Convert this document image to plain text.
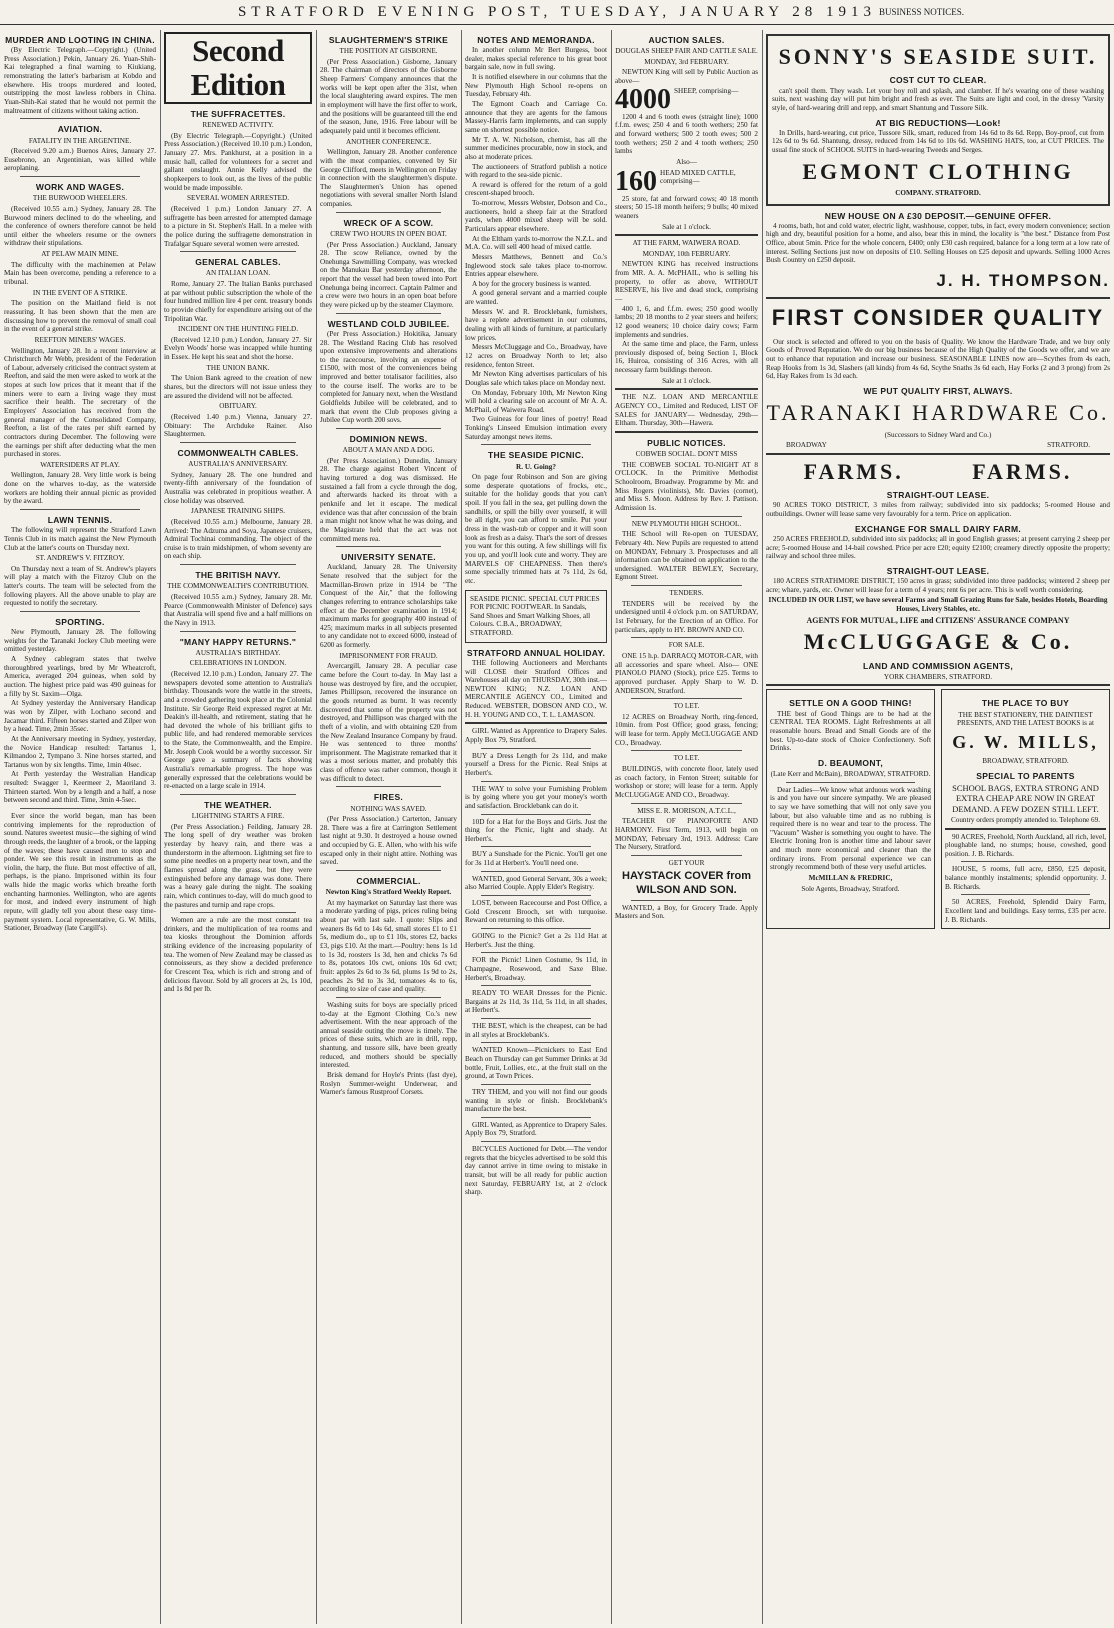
STRATFORD EVENING POST, TUESDAY, JANUARY 28 1913 BUSINESS NOTICES.
MURDER AND LOOTING IN CHINA.

(By Electric Telegraph.—Copyright.) (United Press Association.) Pekin, January 26. Yuan-Shih-Kai telegraphed a final warning to Kiukiang, remonstrating the latter's barbarism at Kobdo and elsewhere. His troops murdered and looted, outstripping the most lawless robbers in China. Yuan-Shih-Kai stated that he would not permit the maltreatment of citizens without taking action.

AVIATION.
FATALITY IN THE ARGENTINE.

(Received 9.20 a.m.) Buenos Aires, January 27. Eusebrono, an Argentinian, was killed while aeroplaning.

WORK AND WAGES.
THE BURWOOD WHEELERS.

(Received 10.55 a.m.) Sydney, January 28. The Burwood miners declined to do the wheeling, and the conference of owners therefore cannot be held until either the wheelers resume or the owners withdraw their stipulations.

AT PELAW MAIN MINE.

The difficulty with the machinemen at Pelaw Main has been overcome, pending a reference to a tribunal.

IN THE EVENT OF A STRIKE.

The position on the Maitland field is not reassuring. It has been shown that the men are discussing how to prevent the removal of small coal in the event of a general strike.

REEFTON MINERS' WAGES.

Wellington, January 28. In a recent interview at Christchurch Mr Webb, president of the Federation of Labour, adversely criticised the contract system at Reefton, and said the men were asked to work at the stopes at such low prices that it meant that if the miners were to earn a living wage they must sacrifice their health. The secretary of the Employers' Association has received from the general manager of the Consolidated Company, Reefton, a list of the rates per shift earned by contractors during December. The following were the earnings per shift after deducting what the men purchased in stores.

WATERSIDERS AT PLAY.

Wellington, January 28. Very little work is being done on the wharves to-day, as the waterside workers are holding their annual picnic as provided by the award.

LAWN TENNIS.

The following will represent the Stratford Lawn Tennis Club in its match against the New Plymouth Club at the latter's courts on Thursday next.

ST. ANDREW'S V. FITZROY.

On Thursday next a team of St. Andrew's players will play a match with the Fitzroy Club on the latter's courts. The team will be selected from the following players. All the above unable to play are requested to notify the secretary.

SPORTING.

New Plymouth, January 28. The following weights for the Taranaki Jockey Club meeting were omitted yesterday.

A Sydney cablegram states that twelve thoroughbred yearlings, bred by Mr Wheatcroft, America, averaged 204 guineas, when sold by auction. The highest price paid was 490 guineas for a filly by St. Saxim—Olga.

At Sydney yesterday the Anniversary Handicap was won by Zilper, with Lochano second and Jacamar third. Fifteen horses started and Zilper won by a head. Time, 2min 35sec.

At the Anniversary meeting in Sydney, yesterday, the Novice Handicap resulted: Tartanus 1, Kilmandoo 2, Tympano 3. Nine horses started, and Tartanus won by six lengths. Time, 1min 40sec.

At Perth yesterday the Westralian Handicap resulted: Swagger 1, Keermeer 2, Maoriland 3. Thirteen started. Won by a length and a half, a nose between second and third. Time, 3min 4-5sec.

Ever since the world began, man has been contriving implements for the reproduction of sound. Natures sweetest music—the sighing of wind through reeds, the laughter of a brook, or the lapping of the waves; these have caused men to stop and ponder. We see this result in instruments as the violin, the harp, the flute. But most effective of all, perhaps, is the piano. Imprisoned within its four walls hide the magic works which breathe forth enchanting harmonies. Wellington, who are agents for most, and indeed every instrument of high repute, will gladly tell you about these easy time-payment system. Local representative, G. W. Mills, Stationer, Broadway (late Cargill's).

Second Edition
THE SUFFRACETTES.
RENEWED ACTIVITY.

(By Electric Telegraph.—Copyright.) (United Press Association.) (Received 10.10 p.m.) London, January 27. Mrs. Pankhurst, at a position in a music hall, called for volunteers for a secret and gallant onslaught. Annie Kelly advised the shopkeepers to look out, as the lives of the public would be made impossible.

SEVERAL WOMEN ARRESTED.

(Received 1 p.m.) London January 27. A suffragette has been arrested for attempted damage to a picture in St. Stephen's Hall. In a melee with the police during the suffragette demonstration in Trafalgar Square several women were arrested.

GENERAL CABLES.
AN ITALIAN LOAN.

Rome, January 27. The Italian Banks purchased at par without public subscription the whole of the four hundred million lire 4 per cent. treasury bonds to provide chiefly for expenditure arising out of the Tripolitan War.

INCIDENT ON THE HUNTING FIELD.

(Received 12.10 p.m.) London, January 27. Sir Evelyn Woods' horse was incapped while hunting in Essex. He kept his seat and shot the horse.

THE UNION BANK.

The Union Bank agreed to the creation of new shares, but the directors will not issue unless they are assured the dividend will not be affected.

OBITUARY.

(Received 1.40 p.m.) Vienna, January 27. Obituary: The Archduke Rainer. Also Slaughtermen.

COMMONWEALTH CABLES.
AUSTRALIA'S ANNIVERSARY.

Sydney, January 28. The one hundred and twenty-fifth anniversary of the foundation of Australia was celebrated in propitious weather. A close holiday was observed.

JAPANESE TRAINING SHIPS.

(Received 10.55 a.m.) Melbourne, January 28. Arrived: The Adzuma and Soya, Japanese cruisers, Admiral Tochinai commanding. The object of the cruise is to train midshipmen, of whom seventy are on each ship.

THE BRITISH NAVY.
THE COMMONWEALTH'S CONTRIBUTION.

(Received 10.55 a.m.) Sydney, January 28. Mr. Pearce (Commonwealth Minister of Defence) says that Australia will spend five and a half millions on the Navy in 1913.

"MANY HAPPY RETURNS."
AUSTRALIA'S BIRTHDAY.
CELEBRATIONS IN LONDON.

(Received 12.10 p.m.) London, January 27. The newspapers devoted some attention to Australia's birthday. Thousands wore the wattle in the streets, and a crowded gathering took place at the Colonial Institute. Sir George Reid expressed regret at Mr. Deakin's ill-health, and retirement, stating that he had devoted the whole of his brilliant gifts to public life, and had rendered memorable services to the State, the Commonwealth, and the Empire. Mr. Joseph Cook would be a worthy successor. Sir George gave a summary of facts showing Australia's remarkable progress. The hope was generally expressed that the celebrations would be re-enacted on a large scale in 1914.

THE WEATHER.
LIGHTNING STARTS A FIRE.

(Per Press Association.) Feilding, January 28. The long spell of dry weather was broken yesterday by heavy rain, and there was a thunderstorm in the afternoon. Lightning set fire to some pine needles on a property near town, and the flames spread along the grass, but they were extinguished before any damage was done. There was a heavy gale during the night. The soaking rain, which continues to-day, will do much good to the pastures and turnip and rape crops.

Women are a rule are the most constant tea drinkers, and the multiplication of tea rooms and tea kiosks throughout the Dominion affords striking evidence of the increasing popularity of tea. The women of New Zealand may be classed as connoisseurs, as they show a decided preference for Crescent Tea, which is rich and strong and of delicious flavour. Sold by all grocers at 2s, 1s 10d, and 1s 8d per lb.

SLAUGHTERMEN'S STRIKE
THE POSITION AT GISBORNE.

(Per Press Association.) Gisborne, January 28. The chairman of directors of the Gisborne Sheep Farmers' Company announces that the works will be kept open after the 31st, when the local slaughtering award expires. The men in employment will have the first offer to work, and the positions will be guaranteed till the end of the season, June, 1916. Free labour will be adequately paid until it becomes efficient.

ANOTHER CONFERENCE.

Wellington, January 28. Another conference with the meat companies, convened by Sir George Clifford, meets in Wellington on Friday in connection with the slaughtermen's dispute. The Slaughtermen's Union has opened negotiations with several smaller North Island companies.

WRECK OF A SCOW.
CREW TWO HOURS IN OPEN BOAT.

(Per Press Association.) Auckland, January 28. The scow Reliance, owned by the Onehunga Sawmilling Company, was wrecked on the Manukau Bar yesterday afternoon, the report that the vessel had been towed into Port Onehunga being incorrect. Captain Palmer and a crew were two hours in an open boat before they were picked up by the steamer Claymore.

WESTLAND COLD JUBILEE.

(Per Press Association.) Hokitika, January 28. The Westland Racing Club has resolved upon extensive improvements and alterations to the racecourse, involving an expense of £1500, with most of the conveniences being improved and better totalisator facilities, also to the course itself. The works are to be completed for January next, when the Westland Goldfields Jubilee will be celebrated, and to mark that event the Club proposes giving a Jubilee Cup worth 200 sovs.

DOMINION NEWS.
ABOUT A MAN AND A DOG.

(Per Press Association.) Dunedin, January 28. The charge against Robert Vincent of having tortured a dog was dismissed. He sustained a fall from a cycle through the dog, and afterwards hacked its throat with a penknife and let it escape. The medical evidence was that after concussion of the brain a man might not know what he was doing, and the Magistrate held that the act was not committed mens rea.

UNIVERSITY SENATE.

Auckland, January 28. The University Senate resolved that the subject for the Macmillan-Brown prize in 1914 be "The Conquest of the Air," that the following changes referring to entrance scholarships take effect at the December examination in 1914; maximum marks for geography 400 instead of 425; maximum marks in all subjects presented to any candidate not to exceed 6000, instead of 6200 as formerly.

IMPRISONMENT FOR FRAUD.

Avercargill, January 28. A peculiar case came before the Court to-day. In May last a house was destroyed by fire, and the occupier, James Phillipson, recovered the insurance on the goods returned as burnt. It was recently discovered that some of the property was not destroyed, and Phillipson was charged with the theft of a violin, and with obtaining £20 from the New Zealand Insurance Company by fraud. He was sentenced to three months' imprisonment. The Magistrate remarked that it was a most serious matter, and probably this class of offence was rather common, though it was difficult to detect.

FIRES.
NOTHING WAS SAVED.

(Per Press Association.) Carterton, January 28. There was a fire at Carrington Settlement last night at 9.30. It destroyed a house owned and occupied by G. E. Allen, who with his wife escaped only in their night attire. Nothing was saved.

COMMERCIAL.
Newton King's Stratford Weekly Report.

At my haymarket on Saturday last there was a moderate yarding of pigs, prices ruling being about par with last sale. I quote: Slips and weaners 8s 6d to 14s 6d, small stores £1 to £1 5s, medium do., up to £1 10s, stores £2, backs £3, pigs £10. At the mart.—Poultry: hens 1s 1d to 1s 3d, roosters 1s 3d, hen and chicks 7s 6d to 8s, potatoes 10s cwt, onions 10s 6d cwt; fruit: apples 2s 6d to 3s 6d, plums 1s 9d to 2s, peaches 2s 9d to 3s 3d, tomatoes 4s to 6s, according to size of case and quality.

Washing suits for boys are specially priced to-day at the Egmont Clothing Co.'s new advertisement. With the near approach of the annual seaside outing the move is timely. The prices of these suits, which are in drill, repp, shantung, and tussore silk, have been greatly reduced, and mothers should be specially interested.

Brisk demand for Hoyle's Prints (fast dye), Roslyn Summer-weight Underwear, and Warner's famous Rustproof Corsets.

NOTES AND MEMORANDA.

In another column Mr Bert Burgess, boot dealer, makes special reference to his great boot bargain sale, now in full swing.

It is notified elsewhere in our columns that the New Plymouth High School re-opens on Tuesday, February 4th.

The Egmont Coach and Carriage Co. announce that they are agents for the famous Massey-Harris farm implements, and can supply same on shortest possible notice.

Mr T. A. W. Nicholson, chemist, has all the summer medicines procurable, now in stock, and also at moderate prices.

The auctioneers of Stratford publish a notice with regard to the sea-side picnic.

A reward is offered for the return of a gold crescent-shaped brooch.

To-morrow, Messrs Webster, Dobson and Co., auctioneers, hold a sheep fair at the Stratford yards, when 4000 mixed sheep will be sold. Particulars appear elsewhere.

At the Eltham yards to-morrow the N.Z.L. and M.A. Co. will sell 400 head of mixed cattle.

Messrs Matthews, Bennett and Co.'s Inglewood stock sale takes place to-morrow. Entries appear elsewhere.

A boy for the grocery business is wanted.

A good general servant and a married couple are wanted.

Messrs W. and R. Brocklebank, furnishers, have a replete advertisement in our columns, dealing with all kinds of furniture, at particularly low prices.

Messrs McCluggage and Co., Broadway, have 12 acres on Broadway North to let; also residence, fenton Street.

Mr Newton King advertises particulars of his Douglas sale which takes place on Monday next.

On Monday, February 10th, Mr Newton King will hold a clearing sale on account of Mr A. A. McPhail, of Waiwera Road.

Two Guineas for four lines of poetry! Read Tonking's Linseed Emulsion intimation every Saturday amongst news items.

THE SEASIDE PICNIC.
R. U. Going?

On page four Robinson and Son are giving some desperate quotations of frocks, etc., suitable for the holiday goods that you can't spoil. If you fall in the sea, get pulling down the sandhills, or spill the billy over yourself, it will be all right, you can afford to smile. Put your dress in the wash-tub or copper and it will soon look as fresh as a daisy. That's the sort of dresses you want for this outing. A few shillings will fix you up, and you'll look cute and worry. They are MARVELS OF CHEAPNESS. Then there's some specially trimmed hats at 7s 11d, 2s 6d, etc.

SEASIDE PICNIC. SPECIAL CUT PRICES FOR PICNIC FOOTWEAR. In Sandals, Sand Shoes and Smart Walking Shoes, all Colours. C.B.A., BROADWAY, STRATFORD.
STRATFORD ANNUAL HOLIDAY.

THE following Auctioneers and Merchants will CLOSE their Stratford Offices and Warehouses all day on THURSDAY, 30th inst.— NEWTON KING; N.Z. LOAN AND MERCANTILE AGENCY CO., Limited and Reduced. WEBSTER, DOBSON AND CO., W. H. H. YOUNG AND CO., T. L. LAMASON.

GIRL Wanted as Apprentice to Drapery Sales. Apply Box 79, Stratford.

BUY a Dress Length for 2s 11d, and make yourself a Dress for the Picnic. Real Snips at Herbert's.

THE WAY to solve your Furnishing Problem is by going where you get your money's worth and satisfaction. Brocklebank can do it.

10D for a Hat for the Boys and Girls. Just the thing for the Picnic, light and shady. At Herbert's.

BUY a Sunshade for the Picnic. You'll get one for 3s 11d at Herbert's. You'll need one.

WANTED, good General Servant, 30s a week; also Married Couple. Apply Elder's Registry.

LOST, between Racecourse and Post Office, a Gold Crescent Brooch, set with turquoise. Reward on returning to this office.

GOING to the Picnic? Get a 2s 11d Hat at Herbert's. Just the thing.

FOR the Picnic! Linen Costume, 9s 11d, in Champagne, Rosewood, and Saxe Blue. Herbert's, Broadway.

READY TO WEAR Dresses for the Picnic. Bargains at 2s 11d, 3s 11d, 5s 11d, in all shades, at Herbert's.

THE BEST, which is the cheapest, can be had in all styles at Brocklebank's.

WANTED Known—Picnickers to East End Beach on Thursday can get Summer Drinks at 3d bottle, Fruit, Lollies, etc., at the fruit stall on the ground, at Town Prices.

TRY THEM, and you will not find our goods wanting in style or finish. Brocklebank's manufacture the best.

GIRL Wanted, as Apprentice to Drapery Sales. Apply Box 79, Stratford.

BICYCLES Auctioned for Debt.—The vendor regrets that the bicycles advertised to be sold this day cannot arrive in time owing to mistake in transit, but will be all ready for public auction next Saturday, FEBRUARY 1st, at 2 o'clock sharp.

AUCTION SALES.
DOUGLAS SHEEP FAIR AND CATTLE SALE.
MONDAY, 3rd FEBRUARY.

NEWTON King will sell by Public Auction as above—

4000 SHEEP, comprising—

1200 4 and 6 tooth ewes (straight line); 1000 f.f.m. ewes; 250 4 and 6 tooth wethers; 250 fat and forward wethers; 500 2 tooth ewes; 500 2 tooth wethers; 250 2 and 4 tooth wethers; 250 lambs

Also—
160 HEAD MIXED CATTLE, comprising—

25 store, fat and forward cows; 40 18 month steers; 50 15-18 month heifers; 9 bulls; 40 mixed weaners

Sale at 1 o'clock.
AT THE FARM, WAIWERA ROAD.
MONDAY, 10th FEBRUARY.

NEWTON KING has received instructions from MR. A. A. McPHAIL, who is selling his property, to offer as above, WITHOUT RESERVE, his live and dead stock, comprising—

400 1, 6, and f.f.m. ewes; 250 good woolly lambs; 20 18 months to 2 year steers and heifers; 12 good weaners; 10 choice dairy cows; Farm implements and sundries.

At the same time and place, the Farm, unless previously disposed of, being Section 1, Block 16, Huiroa, consisting of 316 Acres, with all necessary farm buildings thereon.

Sale at 1 o'clock.

THE N.Z. LOAN AND MERCANTILE AGENCY CO., Limited and Reduced, LIST OF SALES for JANUARY— Wednesday, 29th—Eltham. Thursday, 30th—Hawera.

PUBLIC NOTICES.
COBWEB SOCIAL. DON'T MISS

THE COBWEB SOCIAL TO-NIGHT AT 8 O'CLOCK. In the Primitive Methodist Schoolroom, Broadway. Programme by Mr. and Miss Rogers (violinists), Mr. Davies (cornet), and Miss S. Moon. Address by Rev. J. Pattison. Admission 1s.

NEW PLYMOUTH HIGH SCHOOL.

THE School will Re-open on TUESDAY, February 4th. New Pupils are requested to attend on MONDAY, February 3. Prospectuses and all information can be obtained on application to the undersigned. WALTER BEWLEY, Secretary, Egmont Street.

TENDERS.

TENDERS will be received by the undersigned until 4 o'clock p.m. on SATURDAY, 1st February, for the Erection of an Office. For particulars, apply to HY. BROWN AND CO.

FOR SALE.

ONE 15 h.p. DARRACQ MOTOR-CAR, with all accessories and spare wheel. Also— ONE PIANOLO PIANO (Stock), price £25. Terms to approved purchaser. Apply Sharp to W. D. ANDERSON, Stratford.

TO LET.

12 ACRES on Broadway North, ring-fenced, 10min. from Post Office; good grass, fencing; will lease for term. Apply McCLUGGAGE AND CO., Broadway.

TO LET.

BUILDINGS, with concrete floor, lately used as coach factory, in Fenton Street; suitable for workshop or store; will lease for a term. Apply McCLUGGAGE AND CO., Broadway.

MISS E. R. MORISON, A.T.C.L.,

TEACHER OF PIANOFORTE AND HARMONY. First Term, 1913, will begin on MONDAY, February 3rd, 1913. Address: Care The Nursery, Stratford.

GET YOUR
HAYSTACK COVER from WILSON AND SON.

WANTED, a Boy, for Grocery Trade. Apply Masters and Son.

SONNY'S SEASIDE SUIT.
COST CUT TO CLEAR.

can't spoil them. They wash. Let your boy roll and splash, and clamber. If he's wearing one of these washing suits, next washing day will put him bright and fresh as ever. The Suits are light and cool, in the dressy 'Varsity style, of hard-wearing drill and repp, and smart Shantung and Tussore Silk.

AT BIG REDUCTIONS—Look!

In Drills, hard-wearing, cut price, Tussore Silk, smart, reduced from 14s 6d to 8s 6d. Repp, Boy-proof, cut from 12s 6d to 9s 6d. Shantung, dressy, reduced from 14s 6d to 10s 6d. WASHING HATS, too, at CUT PRICES. The usual fine stock of SCHOOL SUITS in hard-wearing Tweeds and Serges.

EGMONT CLOTHING
COMPANY. STRATFORD.
NEW HOUSE ON A £30 DEPOSIT.—GENUINE OFFER.

4 rooms, bath, hot and cold water, electric light, washhouse, copper, tubs, in fact, every modern convenience; section high and dry, beautiful position for a home, and also, bear this in mind, the locality is "the best." Distance from Post Office, about 5min. Price for the whole concern, £400; only £30 cash required, balance for a long term at a low rate of interest. Selling Sections just now on deposits of £10. Selling Houses on £25 deposit and upwards. Selling 1000 Acres Bush Country on £250 deposit.

J. H. THOMPSON.
FIRST CONSIDER QUALITY

Our stock is selected and offered to you on the basis of Quality. We know the Hardware Trade, and we buy only Goods of Proved Reputation. We do our big business because of the High Quality of the Goods we offer, and we are out to enhance that reputation and increase our business. SEASONABLE LINES now are—Scythes from 4s each, Reap Hooks from 1s 3d, Slashers (all kinds) from 4s 6d, Scythe Snaths 3s 6d each, Hay Forks (2 and 3 prong) from 2s 6d, Hay Rakes from 1s 3d each.

WE PUT QUALITY FIRST, ALWAYS.
TARANAKI HARDWARE Co.
(Successors to Sidney Ward and Co.)
BROADWAY	STRATFORD.
FARMS. FARMS.
STRAIGHT-OUT LEASE.

90 ACRES TOKO DISTRICT, 3 miles from railway; subdivided into six paddocks; 5-roomed House and outbuildings. Owner will lease same very favourably for a term. Price on application.

EXCHANGE FOR SMALL DAIRY FARM.

250 ACRES FREEHOLD, subdivided into six paddocks; all in good English grasses; at present carrying 2 sheep per acre; 5-roomed House and 14-bail cowshed. Price per acre £20; equity £2100; creamery directly opposite the property; railway and school three miles.

STRAIGHT-OUT LEASE.

180 ACRES STRATHMORE DISTRICT, 150 acres in grass; subdivided into three paddocks; wintered 2 sheep per acre; whare, yards, etc. Owner will lease for a term of 4 years; rent 6s per acre. This is well worth considering.

INCLUDED IN OUR LIST, we have several Farms and Small Grazing Runs for Sale, besides Hotels, Boarding Houses, Livery Stables, etc.
AGENTS FOR MUTUAL, LIFE and CITIZENS' ASSURANCE COMPANY
McCLUGGAGE & Co.
LAND AND COMMISSION AGENTS,
YORK CHAMBERS, STRATFORD.
SETTLE ON A GOOD THING!

THE best of Good Things are to be had at the CENTRAL TEA ROOMS. Light Refreshments at all reasonable hours. Bread and Small Goods are of the best. Up-to-date stock of Choice Confectionery. Soft Drinks.

D. BEAUMONT,
(Late Kerr and McBain), BROADWAY, STRATFORD.

Dear Ladies—We know what arduous work washing is and you have our sincere sympathy. We are pleased to say we have something that will not only save you labour, but also valuable time and as no rubbing is required there is no wear and tear to the process. The "Vacuum" Washer is something you ought to have. The Electric Ironing Iron is another time and labour saver and much more economical and cleaner than the ordinary irons. From personal experience we can strongly recommend both of these very useful articles.

McMILLAN & FREDRIC,
Sole Agents, Broadway, Stratford.
THE PLACE TO BUY
THE BEST STATIONERY, THE DAINTIEST PRESENTS, AND THE LATEST BOOKS is at
G. W. MILLS,
BROADWAY, STRATFORD.
SPECIAL TO PARENTS
SCHOOL BAGS, EXTRA STRONG AND EXTRA CHEAP ARE NOW IN GREAT DEMAND. A FEW DOZEN STILL LEFT.
Country orders promptly attended to. Telephone 69.

90 ACRES, Freehold, North Auckland, all rich, level, ploughable land, no stumps; house, cowshed, good position. J. B. Richards.

HOUSE, 5 rooms, full acre, £850, £25 deposit, balance monthly instalments; splendid opportunity. J. B. Richards.

50 ACRES, Freehold, Splendid Dairy Farm, Excellent land and buildings. Easy terms, £35 per acre. J. B. Richards.
